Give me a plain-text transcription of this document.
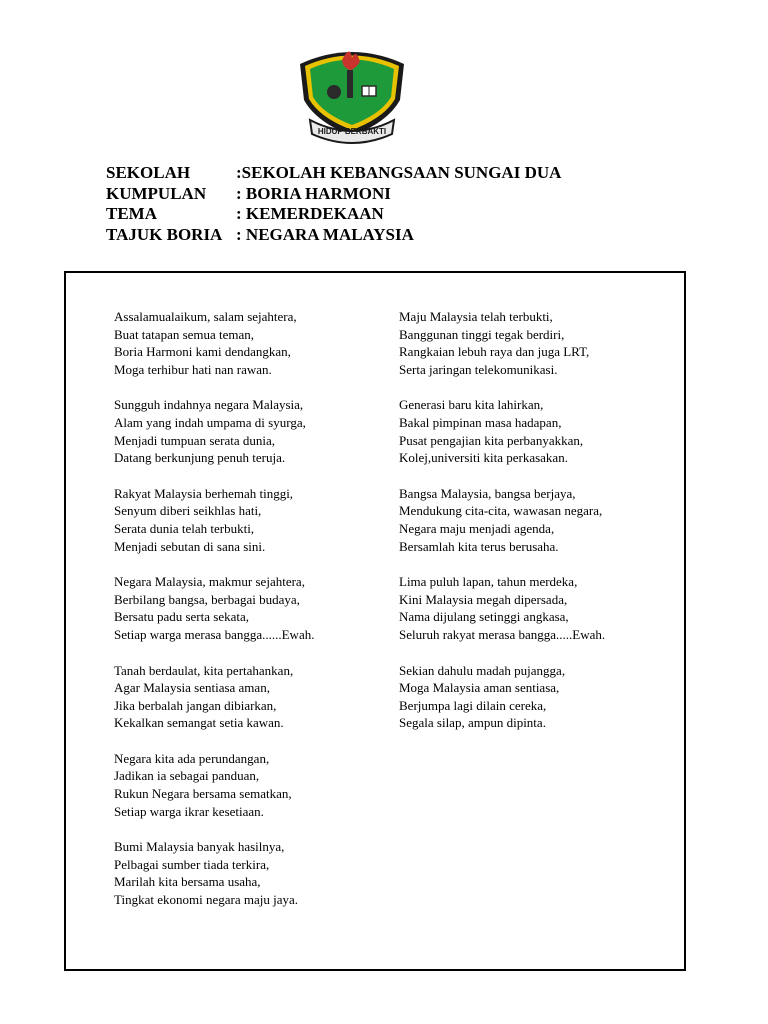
HIDUP BERBAKTI
SEKOLAH	:SEKOLAH KEBANGSAAN SUNGAI DUA
KUMPULAN	: BORIA HARMONI
TEMA	: KEMERDEKAAN
TAJUK BORIA : NEGARA MALAYSIA
Assalamualaikum, salam sejahtera,
Buat tatapan semua teman,
Boria Harmoni kami dendangkan,
Moga terhibur hati nan rawan.
Sungguh indahnya negara Malaysia,
Alam yang indah umpama di syurga,
Menjadi tumpuan serata dunia,
Datang berkunjung penuh teruja.
Rakyat Malaysia berhemah tinggi,
Senyum diberi seikhlas hati,
Serata dunia telah terbukti,
Menjadi sebutan di sana sini.
Negara Malaysia, makmur sejahtera,
Berbilang bangsa, berbagai budaya,
Bersatu padu serta sekata,
Setiap warga merasa bangga......Ewah.
Tanah berdaulat, kita pertahankan,
Agar Malaysia sentiasa aman,
Jika berbalah jangan dibiarkan,
Kekalkan semangat setia kawan.
Negara kita ada perundangan,
Jadikan ia sebagai panduan,
Rukun Negara bersama sematkan,
Setiap warga ikrar kesetiaan.
Bumi Malaysia banyak hasilnya,
Pelbagai sumber tiada terkira,
Marilah kita bersama usaha,
Tingkat ekonomi negara maju jaya.
Maju Malaysia telah terbukti,
Banggunan tinggi tegak berdiri,
Rangkaian lebuh raya dan juga LRT,
Serta jaringan telekomunikasi.
Generasi baru kita lahirkan,
Bakal pimpinan masa hadapan,
Pusat pengajian kita perbanyakkan,
Kolej,universiti kita perkasakan.
Bangsa Malaysia, bangsa berjaya,
Mendukung cita-cita, wawasan negara,
Negara maju menjadi agenda,
Bersamlah kita terus berusaha.
Lima puluh lapan, tahun merdeka,
Kini Malaysia megah dipersada,
Nama dijulang setinggi angkasa,
Seluruh rakyat merasa bangga.....Ewah.
Sekian dahulu madah pujangga,
Moga Malaysia aman sentiasa,
Berjumpa lagi dilain cereka,
Segala silap, ampun dipinta.
